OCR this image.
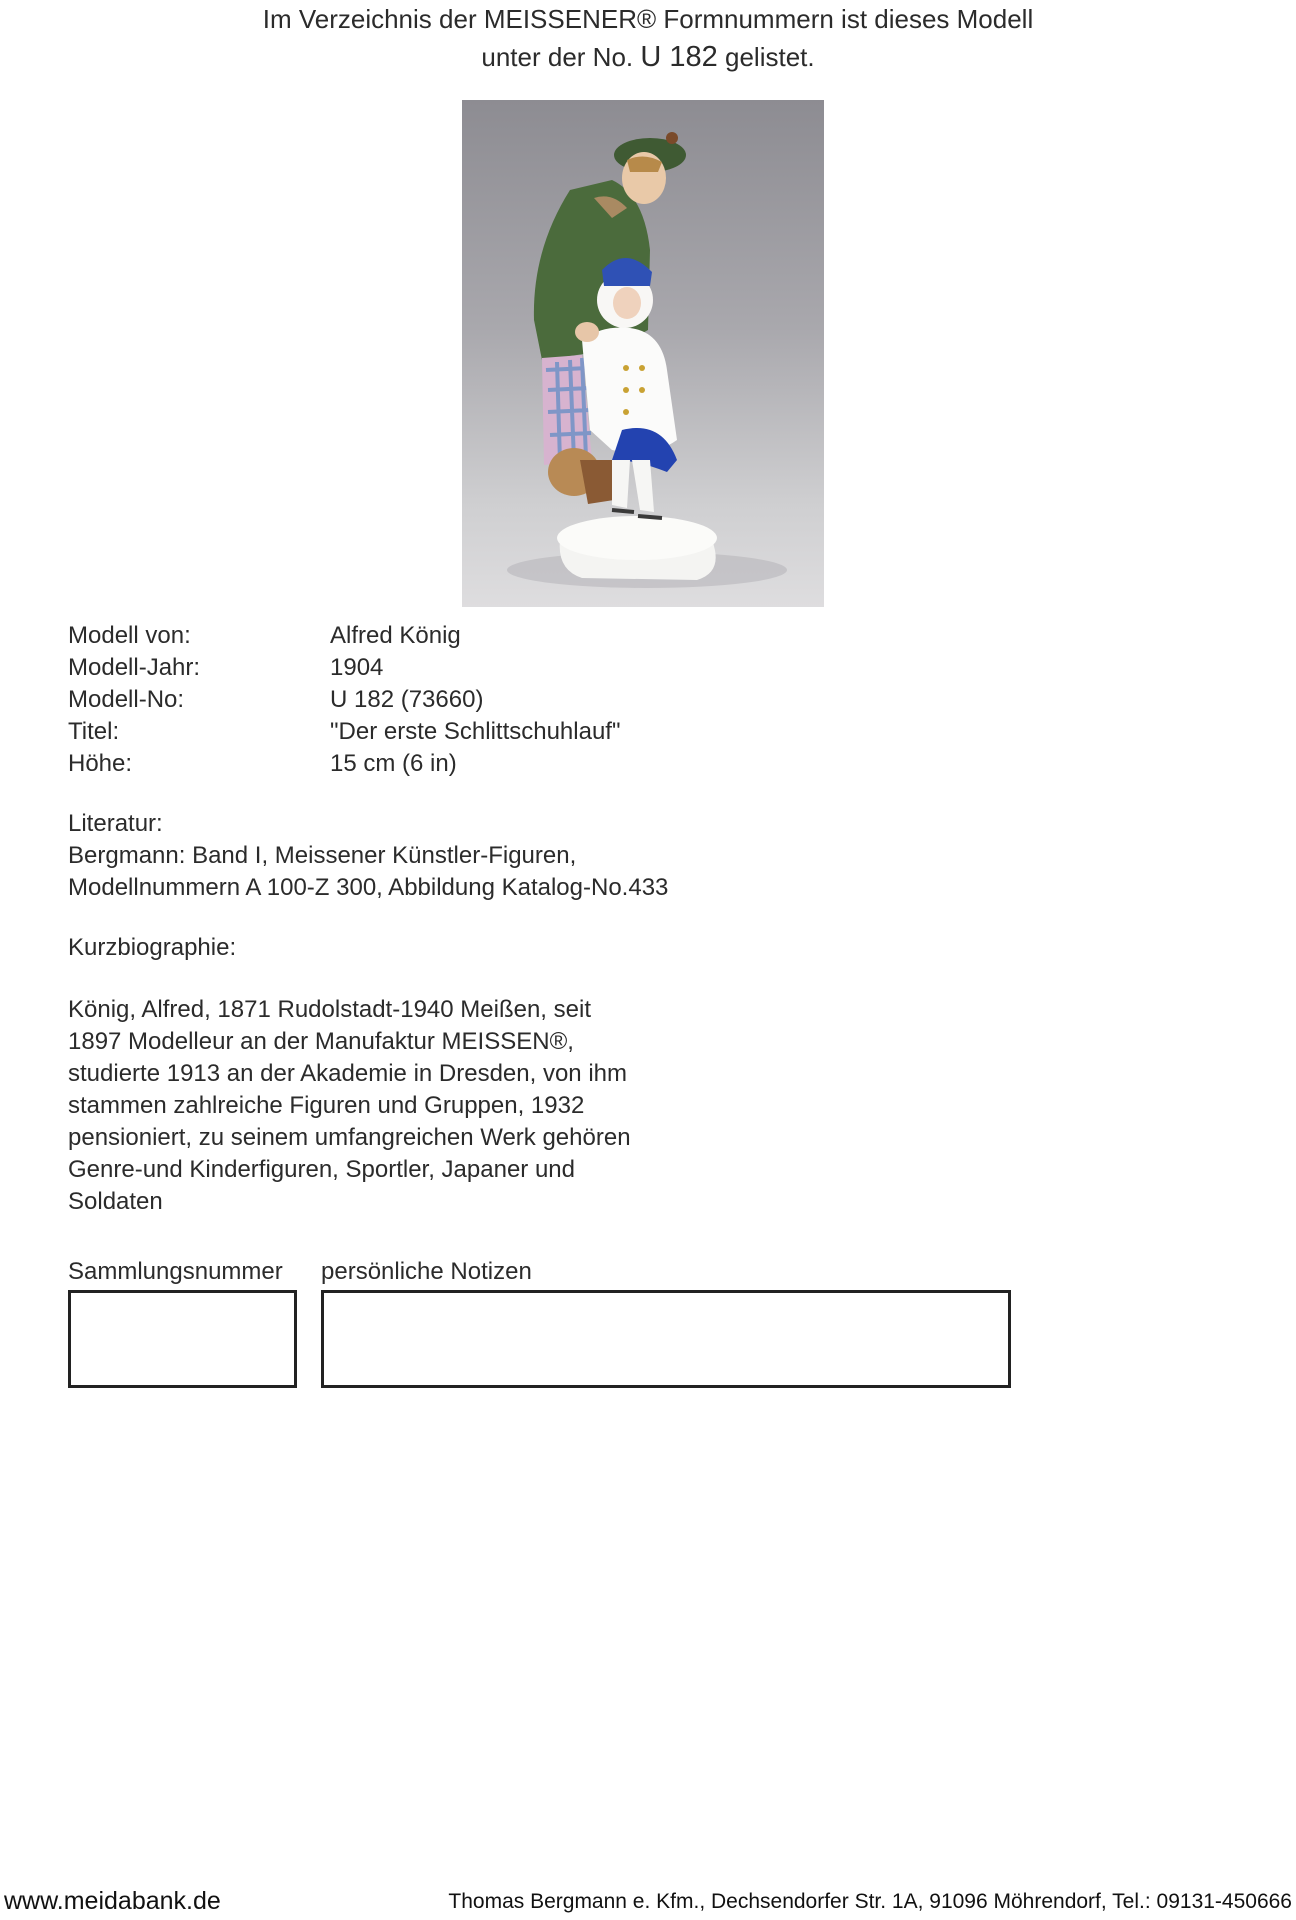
Im Verzeichnis der MEISSENER® Formnummern ist dieses Modell
unter der No. U 182 gelistet.
Modell von:	Alfred König
Modell-Jahr:	1904
Modell-No:	U 182 (73660)
Titel:	"Der erste Schlittschuhlauf"
Höhe:	15 cm (6 in)
Literatur:
Bergmann: Band I, Meissener Künstler-Figuren,
Modellnummern A 100-Z 300, Abbildung Katalog-No.433
Kurzbiographie:
König, Alfred, 1871 Rudolstadt-1940 Meißen, seit
1897 Modelleur an der Manufaktur MEISSEN®,
studierte 1913 an der Akademie in Dresden, von ihm
stammen zahlreiche Figuren und Gruppen, 1932
pensioniert, zu seinem umfangreichen Werk gehören
Genre-und Kinderfiguren, Sportler, Japaner und
Soldaten
Sammlungsnummer persönliche Notizen
www.meidabank.de	Thomas Bergmann e. Kfm., Dechsendorfer Str. 1A, 91096 Möhrendorf, Tel.: 09131-450666
